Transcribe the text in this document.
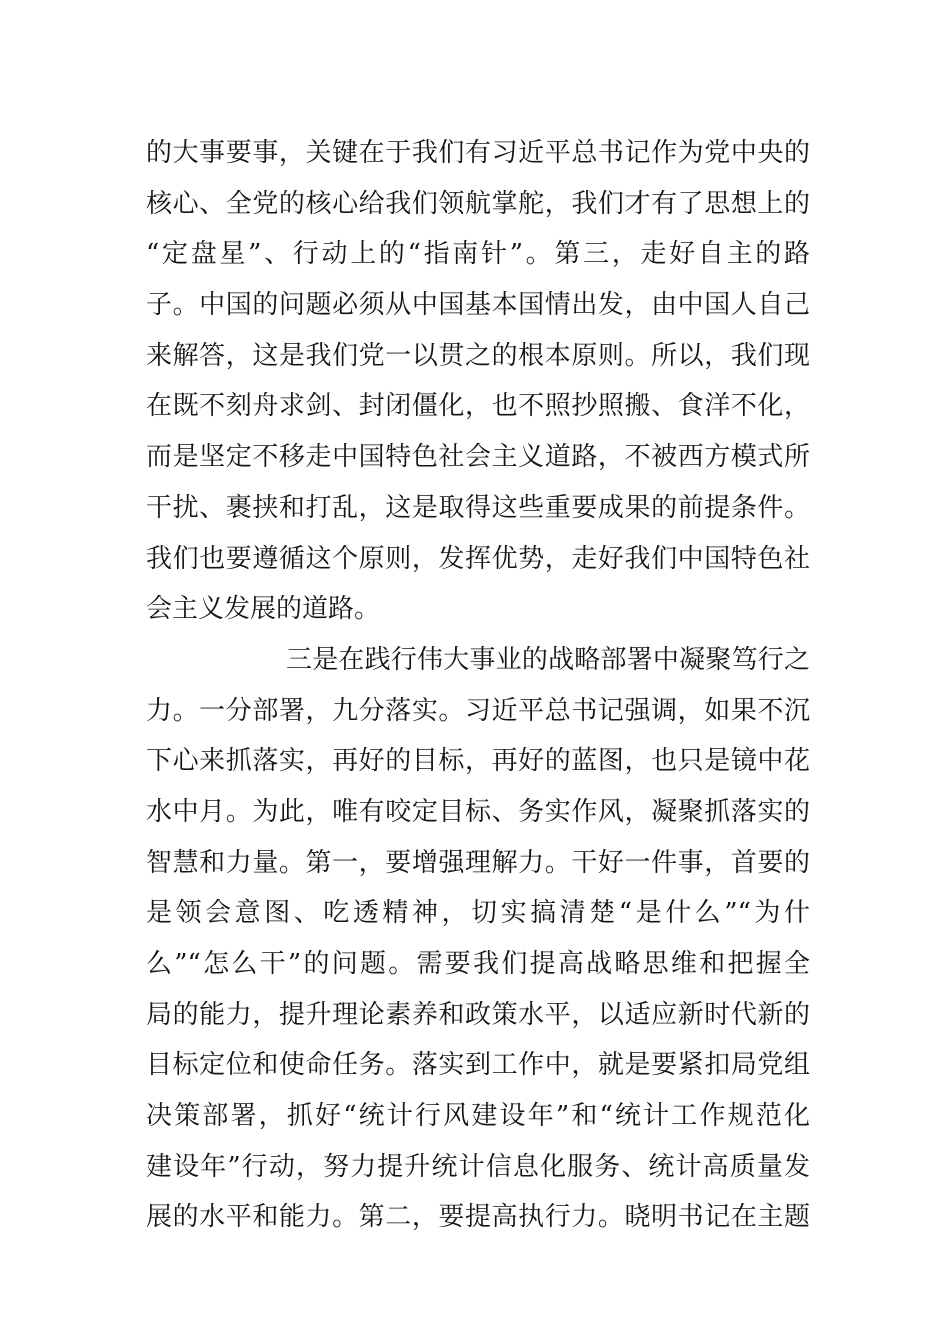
的大事要事，关键在于我们有习近平总书记作为党中央的
核心、全党的核心给我们领航掌舵，我们才有了思想上的
“定盘星”、行动上的“指南针”。第三，走好自主的路
子。中国的问题必须从中国基本国情出发，由中国人自己
来解答，这是我们党一以贯之的根本原则。所以，我们现
在既不刻舟求剑、封闭僵化，也不照抄照搬、食洋不化，
而是坚定不移走中国特色社会主义道路，不被西方模式所
干扰、裹挟和打乱，这是取得这些重要成果的前提条件。
我们也要遵循这个原则，发挥优势，走好我们中国特色社
会主义发展的道路。
三是在践行伟大事业的战略部署中凝聚笃行之
力。一分部署，九分落实。习近平总书记强调，如果不沉
下心来抓落实，再好的目标，再好的蓝图，也只是镜中花
水中月。为此，唯有咬定目标、务实作风，凝聚抓落实的
智慧和力量。第一，要增强理解力。干好一件事，首要的
是领会意图、吃透精神，切实搞清楚“是什么”“为什
么”“怎么干”的问题。需要我们提高战略思维和把握全
局的能力，提升理论素养和政策水平，以适应新时代新的
目标定位和使命任务。落实到工作中，就是要紧扣局党组
决策部署，抓好“统计行风建设年”和“统计工作规范化
建设年”行动，努力提升统计信息化服务、统计高质量发
展的水平和能力。第二，要提高执行力。晓明书记在主题
